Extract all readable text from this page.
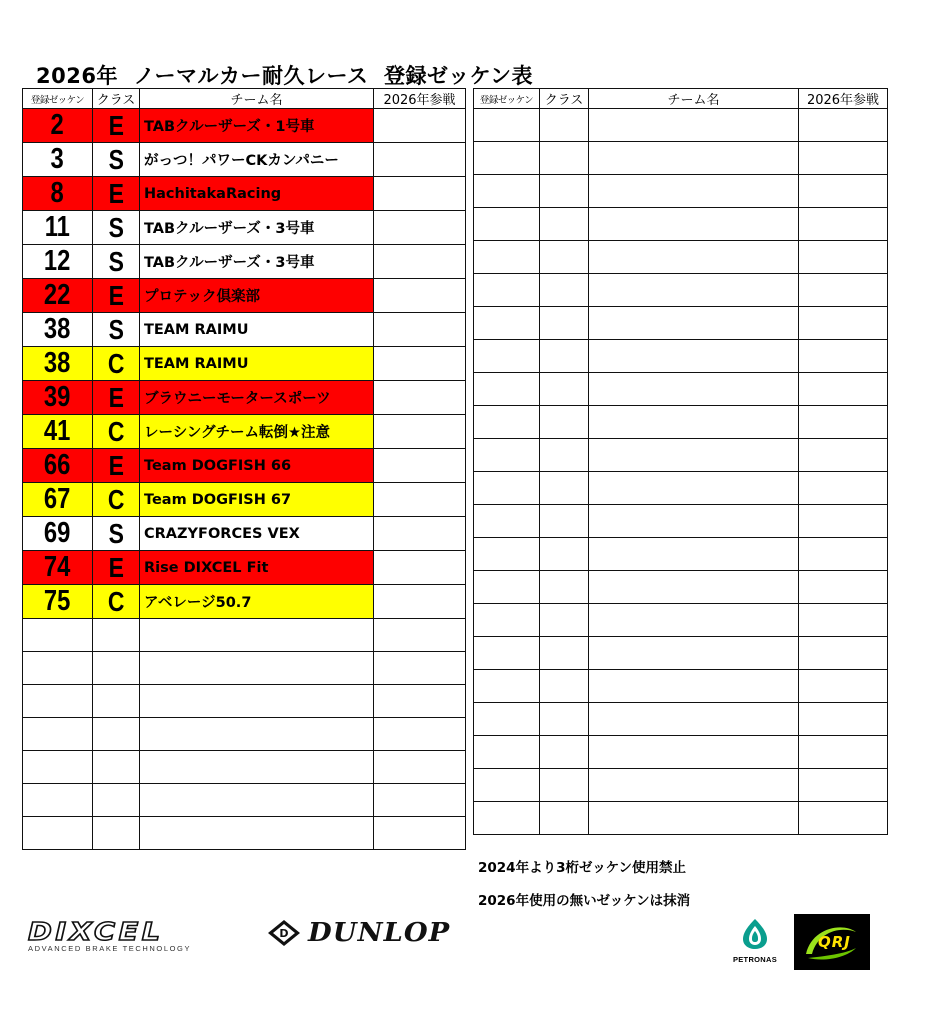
2026年  ノーマルカー耐久レース  登録ゼッケン表
登録ゼッケン	クラス	チーム名	2026年参戦
2	E	TABクルーザーズ・1号車	
3	S	がっつ！パワーCKカンパニー	
8	E	HachitakaRacing	
11	S	TABクルーザーズ・3号車	
12	S	TABクルーザーズ・3号車	
22	E	プロテック倶楽部	
38	S	TEAM RAIMU	
38	C	TEAM RAIMU	
39	E	ブラウニーモータースポーツ	
41	C	レーシングチーム転倒★注意	
66	E	Team DOGFISH 66	
67	C	Team DOGFISH 67	
69	S	CRAZYFORCES VEX	
74	E	Rise DIXCEL Fit	
75	C	アベレージ50.7	

登録ゼッケン	クラス	チーム名	2026年参戦

2024年より3桁ゼッケン使用禁止
2026年使用の無いゼッケンは抹消
DIXCEL
ADVANCED BRAKE TECHNOLOGY
D DUNLOP
PETRONAS
QRJ
